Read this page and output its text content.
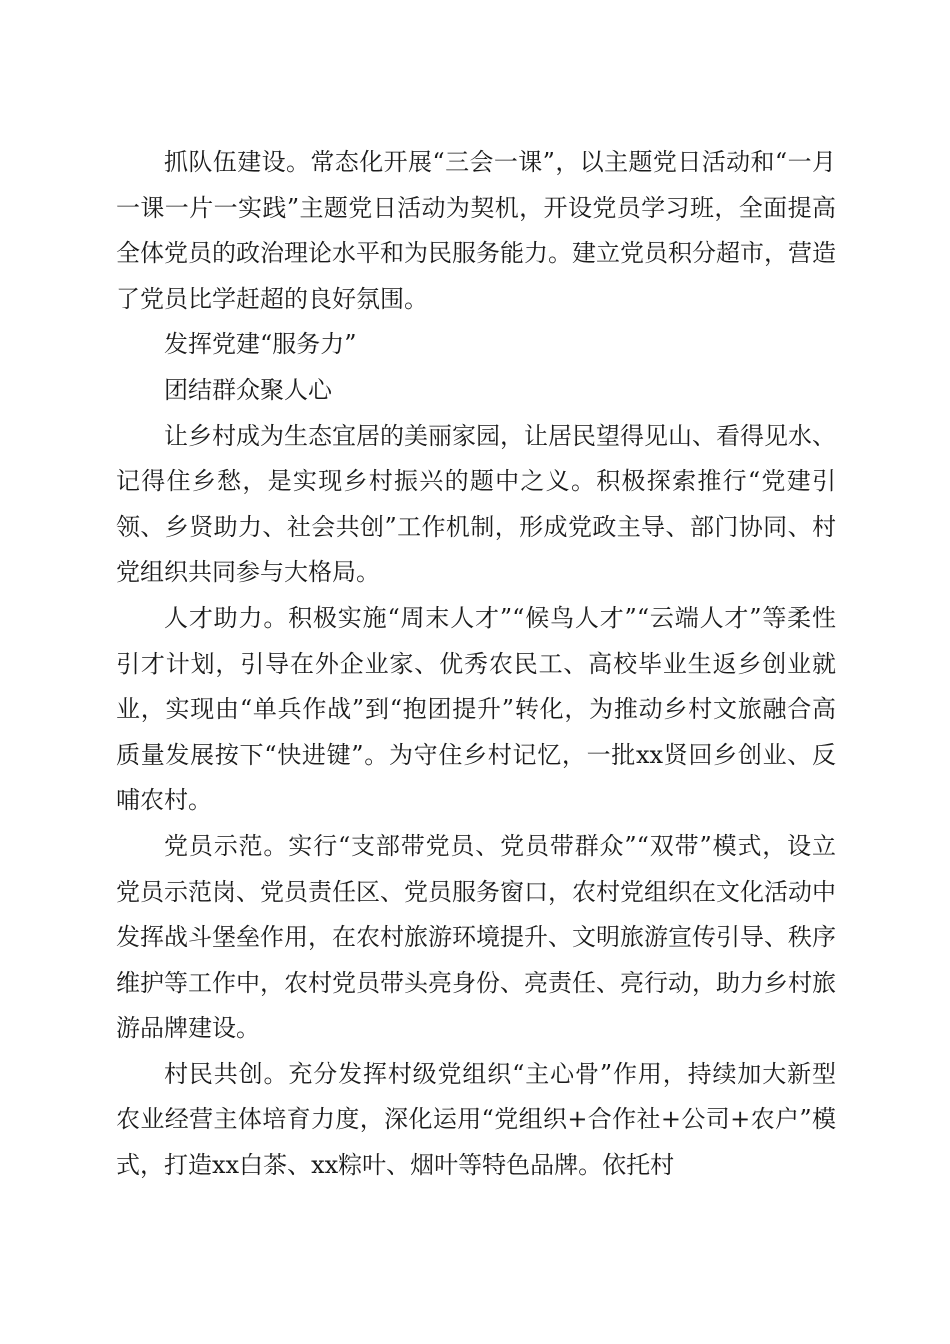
抓队伍建设。常态化开展“三会一课”，以主题党日活动和“一月一课一片一实践”主题党日活动为契机，开设党员学习班，全面提高全体党员的政治理论水平和为民服务能力。建立党员积分超市，营造了党员比学赶超的良好氛围。

发挥党建“服务力”

团结群众聚人心

让乡村成为生态宜居的美丽家园，让居民望得见山、看得见水、记得住乡愁，是实现乡村振兴的题中之义。积极探索推行“党建引领、乡贤助力、社会共创”工作机制，形成党政主导、部门协同、村党组织共同参与大格局。

人才助力。积极实施“周末人才”“候鸟人才”“云端人才”等柔性引才计划，引导在外企业家、优秀农民工、高校毕业生返乡创业就业，实现由“单兵作战”到“抱团提升”转化，为推动乡村文旅融合高质量发展按下“快进键”。为守住乡村记忆，一批xx贤回乡创业、反哺农村。

党员示范。实行“支部带党员、党员带群众”“双带”模式，设立党员示范岗、党员责任区、党员服务窗口，农村党组织在文化活动中发挥战斗堡垒作用，在农村旅游环境提升、文明旅游宣传引导、秩序维护等工作中，农村党员带头亮身份、亮责任、亮行动，助力乡村旅游品牌建设。

村民共创。充分发挥村级党组织“主心骨”作用，持续加大新型农业经营主体培育力度，深化运用“党组织+合作社+公司+农户”模式，打造xx白茶、xx粽叶、烟叶等特色品牌。依托村
